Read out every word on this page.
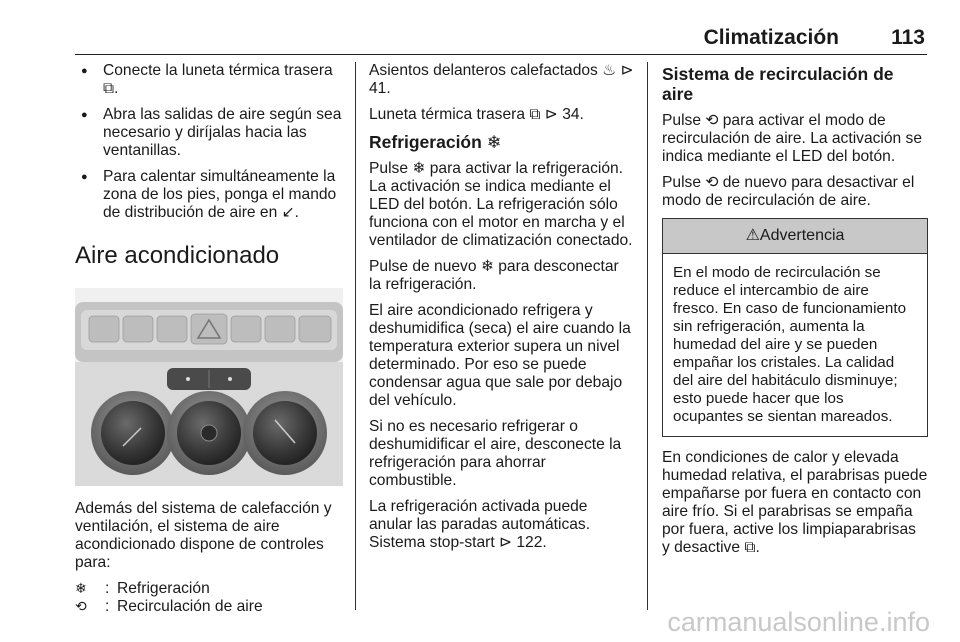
Climatización 113
● Conecte la luneta térmica trasera ⧉.
● Abra las salidas de aire según sea necesario y diríjalas hacia las ventanillas.
● Para calentar simultáneamente la zona de los pies, ponga el mando de distribución de aire en ↙.
Aire acondicionado

Además del sistema de calefacción y ventilación, el sistema de aire acondicionado dispone de controles para:

❄	: Refrigeración
⟲	: Recirculación de aire

Asientos delanteros calefactados ♨ ⊳ 41.

Luneta térmica trasera ⧉ ⊳ 34.

Refrigeración ❄

Pulse ❄ para activar la refrigeración. La activación se indica mediante el LED del botón. La refrigeración sólo funciona con el motor en marcha y el ventilador de climatización conectado.

Pulse de nuevo ❄ para desconectar la refrigeración.

El aire acondicionado refrigera y deshumidifica (seca) el aire cuando la temperatura exterior supera un nivel determinado. Por eso se puede condensar agua que sale por debajo del vehículo.

Si no es necesario refrigerar o deshumidificar el aire, desconecte la refrigeración para ahorrar combustible.

La refrigeración activada puede anular las paradas automáticas. Sistema stop-start ⊳ 122.

Sistema de recirculación de aire

Pulse ⟲ para activar el modo de recirculación de aire. La activación se indica mediante el LED del botón.

Pulse ⟲ de nuevo para desactivar el modo de recirculación de aire.

⚠Advertencia
En el modo de recirculación se reduce el intercambio de aire fresco. En caso de funcionamiento sin refrigeración, aumenta la humedad del aire y se pueden empañar los cristales. La calidad del aire del habitáculo disminuye; esto puede hacer que los ocupantes se sientan mareados.

En condiciones de calor y elevada humedad relativa, el parabrisas puede empañarse por fuera en contacto con aire frío. Si el parabrisas se empaña por fuera, active los limpiaparabrisas y desactive ⧉.

carmanualsonline.info
